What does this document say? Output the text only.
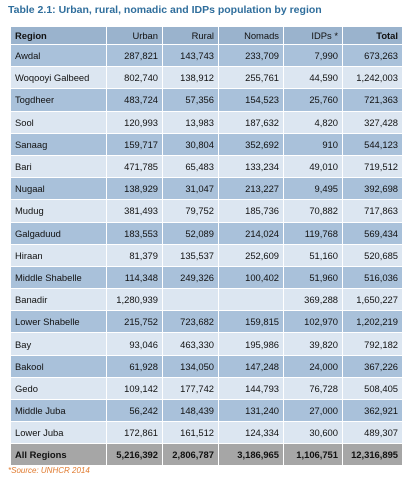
Table 2.1: Urban, rural, nomadic and IDPs population by region
Region	Urban	Rural	Nomads	IDPs *	Total
Awdal	287,821	143,743	233,709	7,990	673,263
Woqooyi Galbeed	802,740	138,912	255,761	44,590	1,242,003
Togdheer	483,724	57,356	154,523	25,760	721,363
Sool	120,993	13,983	187,632	4,820	327,428
Sanaag	159,717	30,804	352,692	910	544,123
Bari	471,785	65,483	133,234	49,010	719,512
Nugaal	138,929	31,047	213,227	9,495	392,698
Mudug	381,493	79,752	185,736	70,882	717,863
Galgaduud	183,553	52,089	214,024	119,768	569,434
Hiraan	81,379	135,537	252,609	51,160	520,685
Middle Shabelle	114,348	249,326	100,402	51,960	516,036
Banadir	1,280,939			369,288	1,650,227
Lower Shabelle	215,752	723,682	159,815	102,970	1,202,219
Bay	93,046	463,330	195,986	39,820	792,182
Bakool	61,928	134,050	147,248	24,000	367,226
Gedo	109,142	177,742	144,793	76,728	508,405
Middle Juba	56,242	148,439	131,240	27,000	362,921
Lower Juba	172,861	161,512	124,334	30,600	489,307
All Regions	5,216,392	2,806,787	3,186,965	1,106,751	12,316,895
*Source: UNHCR 2014
